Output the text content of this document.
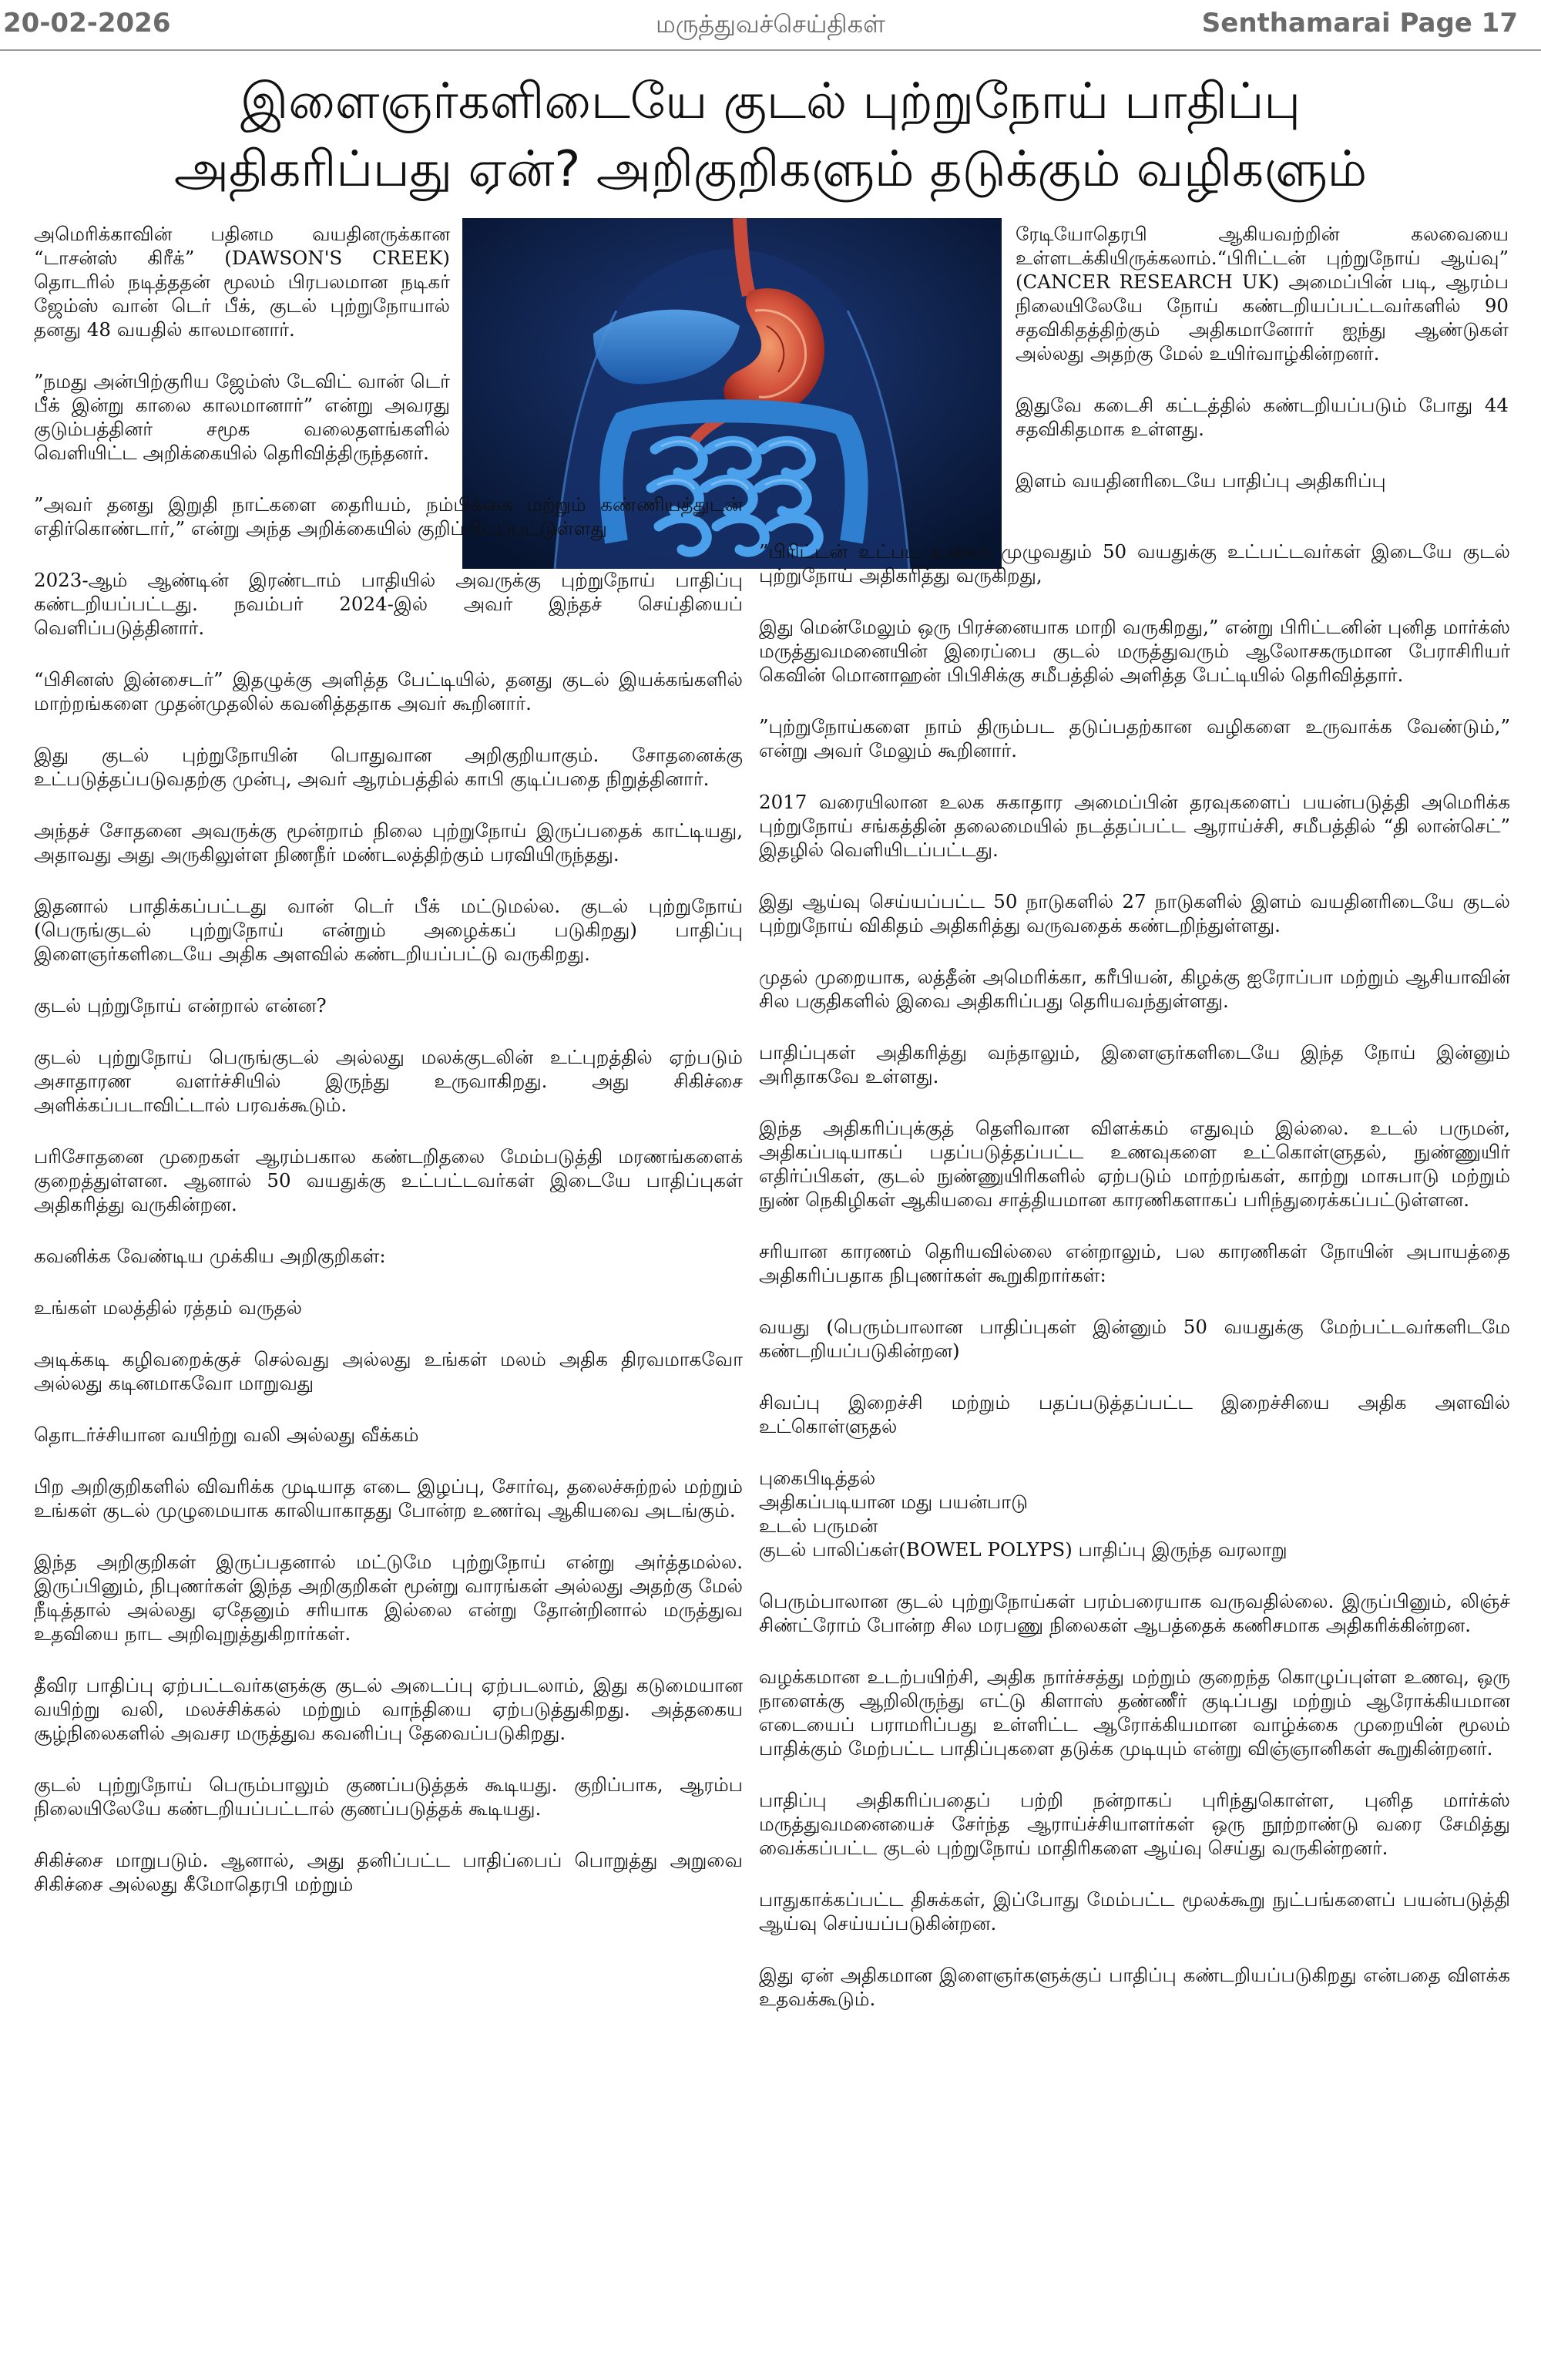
20-02-2026	மருத்துவச்செய்திகள்	Senthamarai Page 17
இளைஞர்களிடையே குடல் புற்றுநோய் பாதிப்பு
அதிகரிப்பது ஏன்? அறிகுறிகளும் தடுக்கும் வழிகளும்

அமெரிக்காவின் பதினம வயதினருக்கான “டாசன்ஸ் கிரீக்” (DAWSON'S CREEK) தொடரில் நடித்ததன் மூலம் பிரபலமான நடிகர் ஜேம்ஸ் வான் டெர் பீக், குடல் புற்றுநோயால் தனது 48 வயதில் காலமானார்.

”நமது அன்பிற்குரிய ஜேம்ஸ் டேவிட் வான் டெர் பீக் இன்று காலை காலமானார்” என்று அவரது குடும்பத்தினர் சமூக வலைதளங்களில் வெளியிட்ட அறிக்கையில் தெரிவித்திருந்தனர்.

”அவர் தனது இறுதி நாட்களை தைரியம், நம்பிக்கை மற்றும் கண்ணியத்துடன் எதிர்கொண்டார்,” என்று அந்த அறிக்கையில் குறிப்பிடப்பட்டுள்ளது

2023-ஆம் ஆண்டின் இரண்டாம் பாதியில் அவருக்கு புற்றுநோய் பாதிப்பு கண்டறியப்பட்டது. நவம்பர் 2024-இல் அவர் இந்தச் செய்தியைப் வெளிப்படுத்தினார்.

“பிசினஸ் இன்சைடர்” இதழுக்கு அளித்த பேட்டியில், தனது குடல் இயக்கங்களில் மாற்றங்களை முதன்முதலில் கவனித்ததாக அவர் கூறினார்.

இது குடல் புற்றுநோயின் பொதுவான அறிகுறியாகும். சோதனைக்கு உட்படுத்தப்படுவதற்கு முன்பு, அவர் ஆரம்பத்தில் காபி குடிப்பதை நிறுத்தினார்.

அந்தச் சோதனை அவருக்கு மூன்றாம் நிலை புற்றுநோய் இருப்பதைக் காட்டியது, அதாவது அது அருகிலுள்ள நிணநீர் மண்டலத்திற்கும் பரவியிருந்தது.

இதனால் பாதிக்கப்பட்டது வான் டெர் பீக் மட்டுமல்ல. குடல் புற்றுநோய் (பெருங்குடல் புற்றுநோய் என்றும் அழைக்கப் படுகிறது) பாதிப்பு இளைஞர்களிடையே அதிக அளவில் கண்டறியப்பட்டு வருகிறது.

குடல் புற்றுநோய் என்றால் என்ன?

குடல் புற்றுநோய் பெருங்குடல் அல்லது மலக்குடலின் உட்புறத்தில் ஏற்படும் அசாதாரண வளர்ச்சியில் இருந்து உருவாகிறது. அது சிகிச்சை அளிக்கப்படாவிட்டால் பரவக்கூடும்.

பரிசோதனை முறைகள் ஆரம்பகால கண்டறிதலை மேம்படுத்தி மரணங்களைக் குறைத்துள்ளன. ஆனால் 50 வயதுக்கு உட்பட்டவர்கள் இடையே பாதிப்புகள் அதிகரித்து வருகின்றன.

கவனிக்க வேண்டிய முக்கிய அறிகுறிகள்:

உங்கள் மலத்தில் ரத்தம் வருதல்

அடிக்கடி கழிவறைக்குச் செல்வது அல்லது உங்கள் மலம் அதிக திரவமாகவோ அல்லது கடினமாகவோ மாறுவது

தொடர்ச்சியான வயிற்று வலி அல்லது வீக்கம்

பிற அறிகுறிகளில் விவரிக்க முடியாத எடை இழப்பு, சோர்வு, தலைச்சுற்றல் மற்றும் உங்கள் குடல் முழுமையாக காலியாகாதது போன்ற உணர்வு ஆகியவை அடங்கும்.

இந்த அறிகுறிகள் இருப்பதனால் மட்டுமே புற்றுநோய் என்று அர்த்தமல்ல. இருப்பினும், நிபுணர்கள் இந்த அறிகுறிகள் மூன்று வாரங்கள் அல்லது அதற்கு மேல் நீடித்தால் அல்லது ஏதேனும் சரியாக இல்லை என்று தோன்றினால் மருத்துவ உதவியை நாட அறிவுறுத்துகிறார்கள்.

தீவிர பாதிப்பு ஏற்பட்டவர்களுக்கு குடல் அடைப்பு ஏற்படலாம், இது கடுமையான வயிற்று வலி, மலச்சிக்கல் மற்றும் வாந்தியை ஏற்படுத்துகிறது. அத்தகைய சூழ்நிலைகளில் அவசர மருத்துவ கவனிப்பு தேவைப்படுகிறது.

குடல் புற்றுநோய் பெரும்பாலும் குணப்படுத்தக் கூடியது. குறிப்பாக, ஆரம்ப நிலையிலேயே கண்டறியப்பட்டால் குணப்படுத்தக் கூடியது.

சிகிச்சை மாறுபடும். ஆனால், அது தனிப்பட்ட பாதிப்பைப் பொறுத்து அறுவை சிகிச்சை அல்லது கீமோதெரபி மற்றும்

ரேடியோதெரபி ஆகியவற்றின் கலவையை உள்ளடக்கியிருக்கலாம்.“பிரிட்டன் புற்றுநோய் ஆய்வு” (CANCER RESEARCH UK) அமைப்பின் படி, ஆரம்ப நிலையிலேயே நோய் கண்டறியப்பட்டவர்களில் 90 சதவிகிதத்திற்கும் அதிகமானோர் ஐந்து ஆண்டுகள் அல்லது அதற்கு மேல் உயிர்வாழ்கின்றனர்.

இதுவே கடைசி கட்டத்தில் கண்டறியப்படும் போது 44 சதவிகிதமாக உள்ளது.

இளம் வயதினரிடையே பாதிப்பு அதிகரிப்பு

”பிரிட்டன் உட்பட உலகம் முழுவதும் 50 வயதுக்கு உட்பட்டவர்கள் இடையே குடல் புற்றுநோய் அதிகரித்து வருகிறது,

இது மென்மேலும் ஒரு பிரச்னையாக மாறி வருகிறது,” என்று பிரிட்டனின் புனித மார்க்ஸ் மருத்துவமனையின் இரைப்பை குடல் மருத்துவரும் ஆலோசகருமான பேராசிரியர் கெவின் மொனாஹன் பிபிசிக்கு சமீபத்தில் அளித்த பேட்டியில் தெரிவித்தார்.

”புற்றுநோய்களை நாம் திரும்பட தடுப்பதற்கான வழிகளை உருவாக்க வேண்டும்,” என்று அவர் மேலும் கூறினார்.

2017 வரையிலான உலக சுகாதார அமைப்பின் தரவுகளைப் பயன்படுத்தி அமெரிக்க புற்றுநோய் சங்கத்தின் தலைமையில் நடத்தப்பட்ட ஆராய்ச்சி, சமீபத்தில் “தி லான்செட்” இதழில் வெளியிடப்பட்டது.

இது ஆய்வு செய்யப்பட்ட 50 நாடுகளில் 27 நாடுகளில் இளம் வயதினரிடையே குடல் புற்றுநோய் விகிதம் அதிகரித்து வருவதைக் கண்டறிந்துள்ளது.

முதல் முறையாக, லத்தீன் அமெரிக்கா, கரீபியன், கிழக்கு ஐரோப்பா மற்றும் ஆசியாவின் சில பகுதிகளில் இவை அதிகரிப்பது தெரியவந்துள்ளது.

பாதிப்புகள் அதிகரித்து வந்தாலும், இளைஞர்களிடையே இந்த நோய் இன்னும் அரிதாகவே உள்ளது.

இந்த அதிகரிப்புக்குத் தெளிவான விளக்கம் எதுவும் இல்லை. உடல் பருமன், அதிகப்படியாகப் பதப்படுத்தப்பட்ட உணவுகளை உட்கொள்ளுதல், நுண்ணுயிர் எதிர்ப்பிகள், குடல் நுண்ணுயிரிகளில் ஏற்படும் மாற்றங்கள், காற்று மாசுபாடு மற்றும் நுண் நெகிழிகள் ஆகியவை சாத்தியமான காரணிகளாகப் பரிந்துரைக்கப்பட்டுள்ளன.

சரியான காரணம் தெரியவில்லை என்றாலும், பல காரணிகள் நோயின் அபாயத்தை அதிகரிப்பதாக நிபுணர்கள் கூறுகிறார்கள்:

வயது (பெரும்பாலான பாதிப்புகள் இன்னும் 50 வயதுக்கு மேற்பட்டவர்களிடமே கண்டறியப்படுகின்றன)

சிவப்பு இறைச்சி மற்றும் பதப்படுத்தப்பட்ட இறைச்சியை அதிக அளவில் உட்கொள்ளுதல்

புகைபிடித்தல்
அதிகப்படியான மது பயன்பாடு
உடல் பருமன்
குடல் பாலிப்கள்(BOWEL POLYPS) பாதிப்பு இருந்த வரலாறு

பெரும்பாலான குடல் புற்றுநோய்கள் பரம்பரையாக வருவதில்லை. இருப்பினும், லிஞ்ச் சிண்ட்ரோம் போன்ற சில மரபணு நிலைகள் ஆபத்தைக் கணிசமாக அதிகரிக்கின்றன.

வழக்கமான உடற்பயிற்சி, அதிக நார்ச்சத்து மற்றும் குறைந்த கொழுப்புள்ள உணவு, ஒரு நாளைக்கு ஆறிலிருந்து எட்டு கிளாஸ் தண்ணீர் குடிப்பது மற்றும் ஆரோக்கியமான எடையைப் பராமரிப்பது உள்ளிட்ட ஆரோக்கியமான வாழ்க்கை முறையின் மூலம் பாதிக்கும் மேற்பட்ட பாதிப்புகளை தடுக்க முடியும் என்று விஞ்ஞானிகள் கூறுகின்றனர்.

பாதிப்பு அதிகரிப்பதைப் பற்றி நன்றாகப் புரிந்துகொள்ள, புனித மார்க்ஸ் மருத்துவமனையைச் சேர்ந்த ஆராய்ச்சியாளர்கள் ஒரு நூற்றாண்டு வரை சேமித்து வைக்கப்பட்ட குடல் புற்றுநோய் மாதிரிகளை ஆய்வு செய்து வருகின்றனர்.

பாதுகாக்கப்பட்ட திசுக்கள், இப்போது மேம்பட்ட மூலக்கூறு நுட்பங்களைப் பயன்படுத்தி ஆய்வு செய்யப்படுகின்றன.

இது ஏன் அதிகமான இளைஞர்களுக்குப் பாதிப்பு கண்டறியப்படுகிறது என்பதை விளக்க உதவக்கூடும்.
